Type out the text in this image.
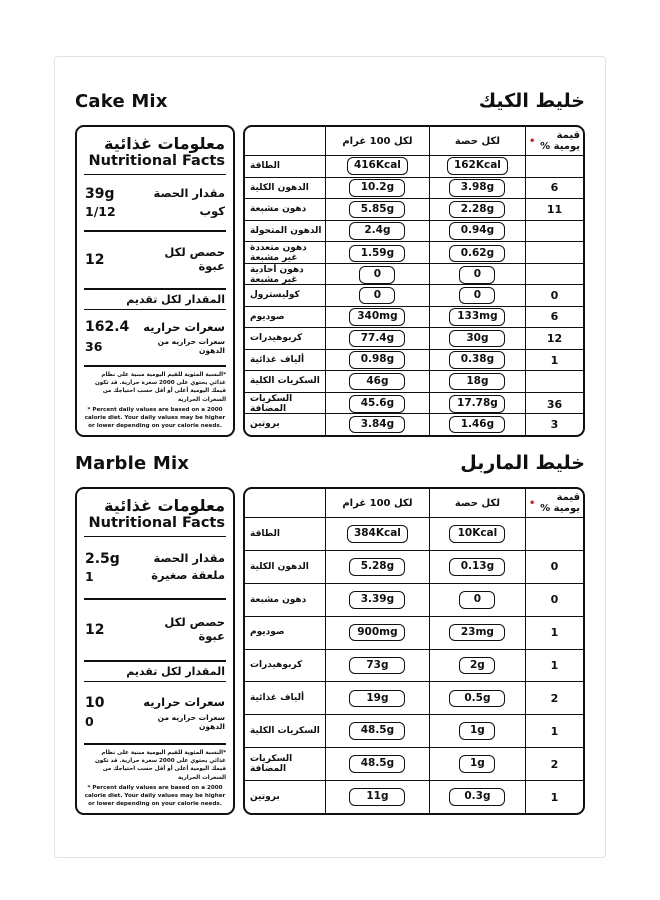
Cake Mix	خليط الكيك
معلومات غذائية
Nutritional Facts
مقدار الحصة
39g
كوب
1/12
حصص لكل عبوة
12
المقدار لكل تقديم
سعرات حراريه
162.4
سعرات حراريه من الدهون
36
*النسبة المئوية للقيم اليومية مبنية على نظام غذائي يحتوي على 2000 سعرة حرارية. قد تكون قيمك اليومية أعلى أو أقل حسب احتياجك من السعرات الحرارية
* Percent daily values are based on a 2000 calorie diet. Your daily values may be higher or lower depending on your calorie needs.
لكل 100 غرام	لكل حصة	•	قيمة يومية %
الطاقة	416Kcal	162Kcal
الدهون الكلية	10.2g	3.98g	6
دهون مشبعة	5.85g	2.28g	11
الدهون المتحولة	2.4g	0.94g
دهون متعددة غير مشبعة	1.59g	0.62g
دهون أحادية غير مشبعة	0	0
كوليسترول	0	0	0
صوديوم	340mg	133mg	6
كربوهيدرات	77.4g	30g	12
ألياف غذائية	0.98g	0.38g	1
السكريات الكلية	46g	18g
السكريات المضافة	45.6g	17.78g	36
بروتين	3.84g	1.46g	3
Marble Mix	خليط الماربل
معلومات غذائية
Nutritional Facts
مقدار الحصة
2.5g
ملعقة صغيرة
1
حصص لكل عبوة
12
المقدار لكل تقديم
سعرات حراريه
10
سعرات حراريه من الدهون
0
*النسبة المئوية للقيم اليومية مبنية على نظام غذائي يحتوي على 2000 سعرة حرارية. قد تكون قيمك اليومية أعلى أو أقل حسب احتياجك من السعرات الحرارية
* Percent daily values are based on a 2000 calorie diet. Your daily values may be higher or lower depending on your calorie needs.
لكل 100 غرام	لكل حصة	•	قيمة يومية %
الطاقة	384Kcal	10Kcal
الدهون الكلية	5.28g	0.13g	0
دهون مشبعة	3.39g	0	0
صوديوم	900mg	23mg	1
كربوهيدرات	73g	2g	1
ألياف غذائية	19g	0.5g	2
السكريات الكلية	48.5g	1g	1
السكريات المضافة	48.5g	1g	2
بروتين	11g	0.3g	1
